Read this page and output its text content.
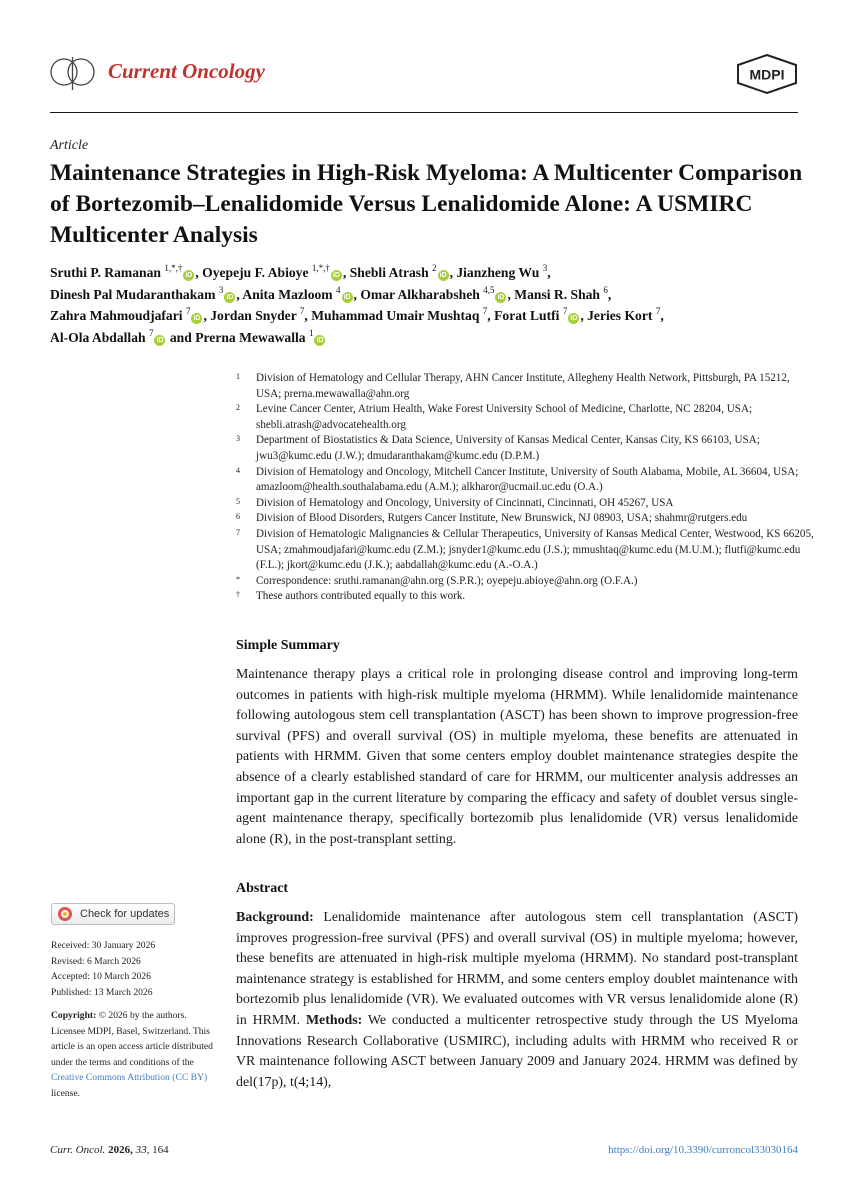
Current Oncology	MDPI
Article
Maintenance Strategies in High-Risk Myeloma: A Multicenter Comparison of Bortezomib–Lenalidomide Versus Lenalidomide Alone: A USMIRC Multicenter Analysis
Sruthi P. Ramanan $^{1,*,\dagger}$iD , Oyepeju F. Abioye $^{1,*,\dagger}$iD , Shebli Atrash $^2$iD , Jianzheng Wu $^3$,
Dinesh Pal Mudaranthakam $^3$iD , Anita Mazloom $^4$iD , Omar Alkharabsheh $^{4,5}$iD , Mansi R. Shah $^6$,
Zahra Mahmoudjafari $^7$iD , Jordan Snyder $^7$, Muhammad Umair Mushtaq $^7$, Forat Lutfi $^7$iD , Jeries Kort $^7$,
Al-Ola Abdallah $^7$iD and Prerna Mewawalla $^1$iD
1	Division of Hematology and Cellular Therapy, AHN Cancer Institute, Allegheny Health Network, Pittsburgh, PA 15212, USA; prerna.mewawalla@ahn.org
2	Levine Cancer Center, Atrium Health, Wake Forest University School of Medicine, Charlotte, NC 28204, USA; shebli.atrash@advocatehealth.org
3	Department of Biostatistics & Data Science, University of Kansas Medical Center, Kansas City, KS 66103, USA; jwu3@kumc.edu (J.W.); dmudaranthakam@kumc.edu (D.P.M.)
4	Division of Hematology and Oncology, Mitchell Cancer Institute, University of South Alabama, Mobile, AL 36604, USA; amazloom@health.southalabama.edu (A.M.); alkharor@ucmail.uc.edu (O.A.)
5	Division of Hematology and Oncology, University of Cincinnati, Cincinnati, OH 45267, USA
6	Division of Blood Disorders, Rutgers Cancer Institute, New Brunswick, NJ 08903, USA; shahmr@rutgers.edu
7	Division of Hematologic Malignancies & Cellular Therapeutics, University of Kansas Medical Center, Westwood, KS 66205, USA; zmahmoudjafari@kumc.edu (Z.M.); jsnyder1@kumc.edu (J.S.); mmushtaq@kumc.edu (M.U.M.); flutfi@kumc.edu (F.L.); jkort@kumc.edu (J.K.); aabdallah@kumc.edu (A.-O.A.)
*	Correspondence: sruthi.ramanan@ahn.org (S.P.R.); oyepeju.abioye@ahn.org (O.F.A.)
†	These authors contributed equally to this work.
Simple Summary
Maintenance therapy plays a critical role in prolonging disease control and improving long-term outcomes in patients with high-risk multiple myeloma (HRMM). While lenalidomide maintenance following autologous stem cell transplantation (ASCT) has been shown to improve progression-free survival (PFS) and overall survival (OS) in multiple myeloma, these benefits are attenuated in patients with HRMM. Given that some centers employ doublet maintenance strategies despite the absence of a clearly established standard of care for HRMM, our multicenter analysis addresses an important gap in the current literature by comparing the efficacy and safety of doublet versus single-agent maintenance therapy, specifically bortezomib plus lenalidomide (VR) versus lenalidomide alone (R), in the post-transplant setting.
Abstract
Background: Lenalidomide maintenance after autologous stem cell transplantation (ASCT) improves progression-free survival (PFS) and overall survival (OS) in multiple myeloma; however, these benefits are attenuated in high-risk multiple myeloma (HRMM). No standard post-transplant maintenance strategy is established for HRMM, and some centers employ doublet maintenance with bortezomib plus lenalidomide (VR). We evaluated outcomes with VR versus lenalidomide alone (R) in HRMM. Methods: We conducted a multicenter retrospective study through the US Myeloma Innovations Research Collaborative (USMIRC), including adults with HRMM who received R or VR maintenance following ASCT between January 2009 and January 2024. HRMM was defined by del(17p), t(4;14),
Check for updates
Received: 30 January 2026
Revised: 6 March 2026
Accepted: 10 March 2026
Published: 13 March 2026
Copyright: © 2026 by the authors. Licensee MDPI, Basel, Switzerland. This article is an open access article distributed under the terms and conditions of the Creative Commons Attribution (CC BY) license.
Curr. Oncol. 2026, 33, 164	https://doi.org/10.3390/curroncol33030164
